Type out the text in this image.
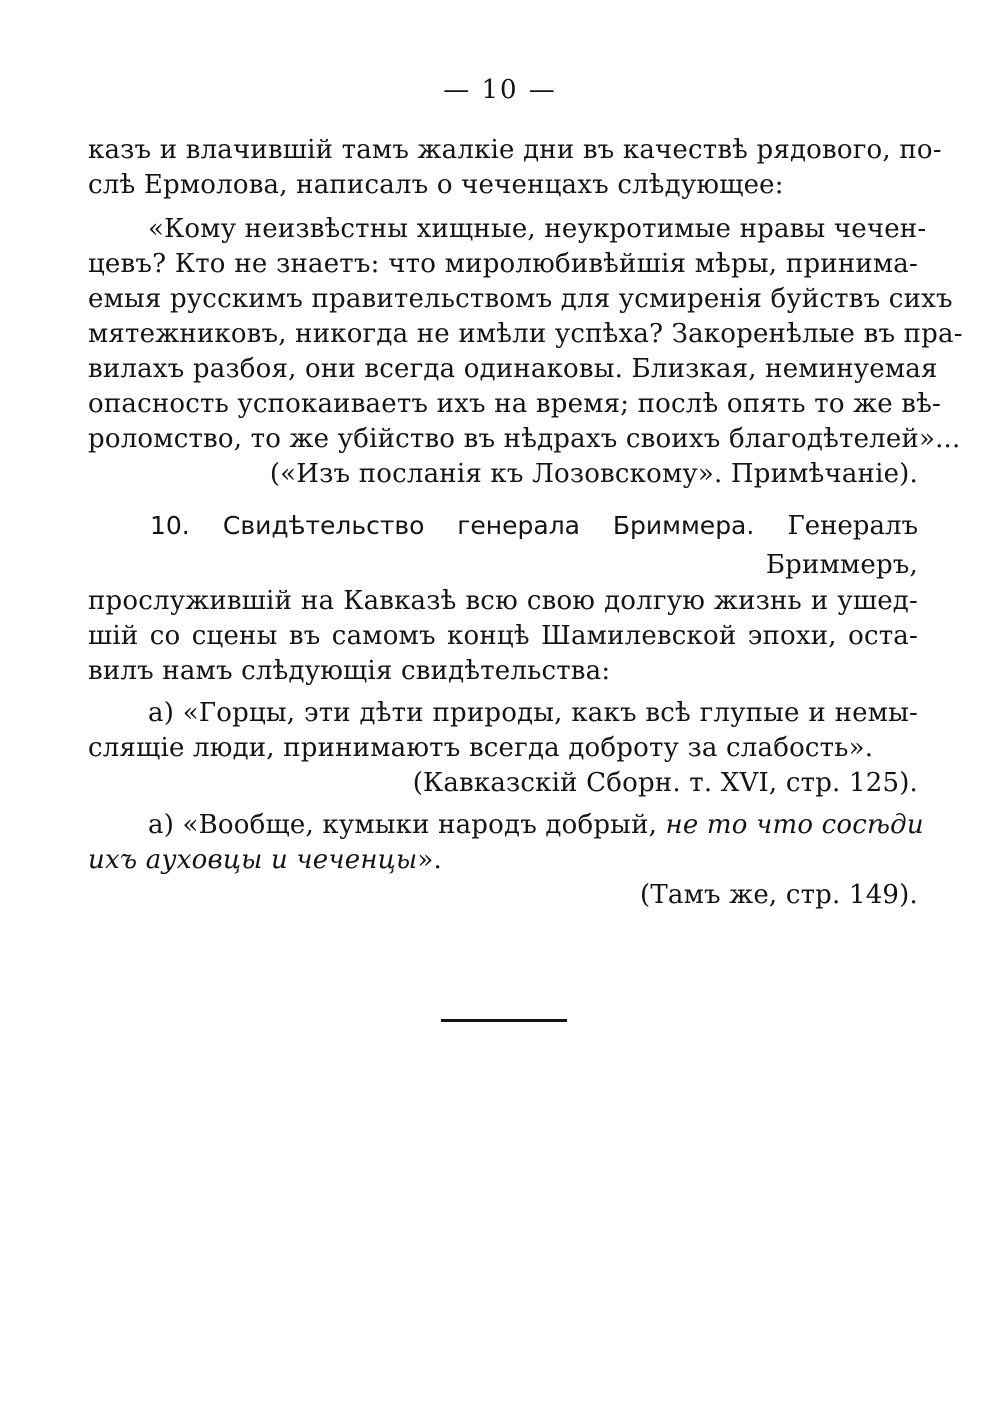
— 10 —

казъ и влачившій тамъ жалкіе дни въ качествѣ рядового, по-

слѣ Ермолова, написалъ о чеченцахъ слѣдующее:

«Кому неизвѣстны хищные, неукротимые нравы чечен-

цевъ? Кто не знаетъ: что миролюбивѣйшія мѣры, принима-

емыя русскимъ правительствомъ для усмиренія буйствъ сихъ

мятежниковъ, никогда не имѣли успѣха? Закоренѣлые въ пра-

вилахъ разбоя, они всегда одинаковы. Близкая, неминуемая

опасность успокаиваетъ ихъ на время; послѣ опять то же вѣ-

роломство, то же убійство въ нѣдрахъ своихъ благодѣтелей»...

(«Изъ посланія къ Лозовскому». Примѣчаніе).

10. Свидѣтельство генерала Бриммера. Генералъ

Бриммеръ,

прослужившій на Кавказѣ всю свою долгую жизнь и ушед-

шій со сцены въ самомъ концѣ Шамилевской эпохи, оста-

вилъ намъ слѣдующія свидѣтельства:

а) «Горцы, эти дѣти природы, какъ всѣ глупые и немы-

слящіе люди, принимаютъ всегда доброту за слабость».

(Кавказскій Сборн. т. XVI, стр. 125).

а) «Вообще, кумыки народъ добрый, не то что сосѣди

ихъ ауховцы и чеченцы».

(Тамъ же, стр. 149).
